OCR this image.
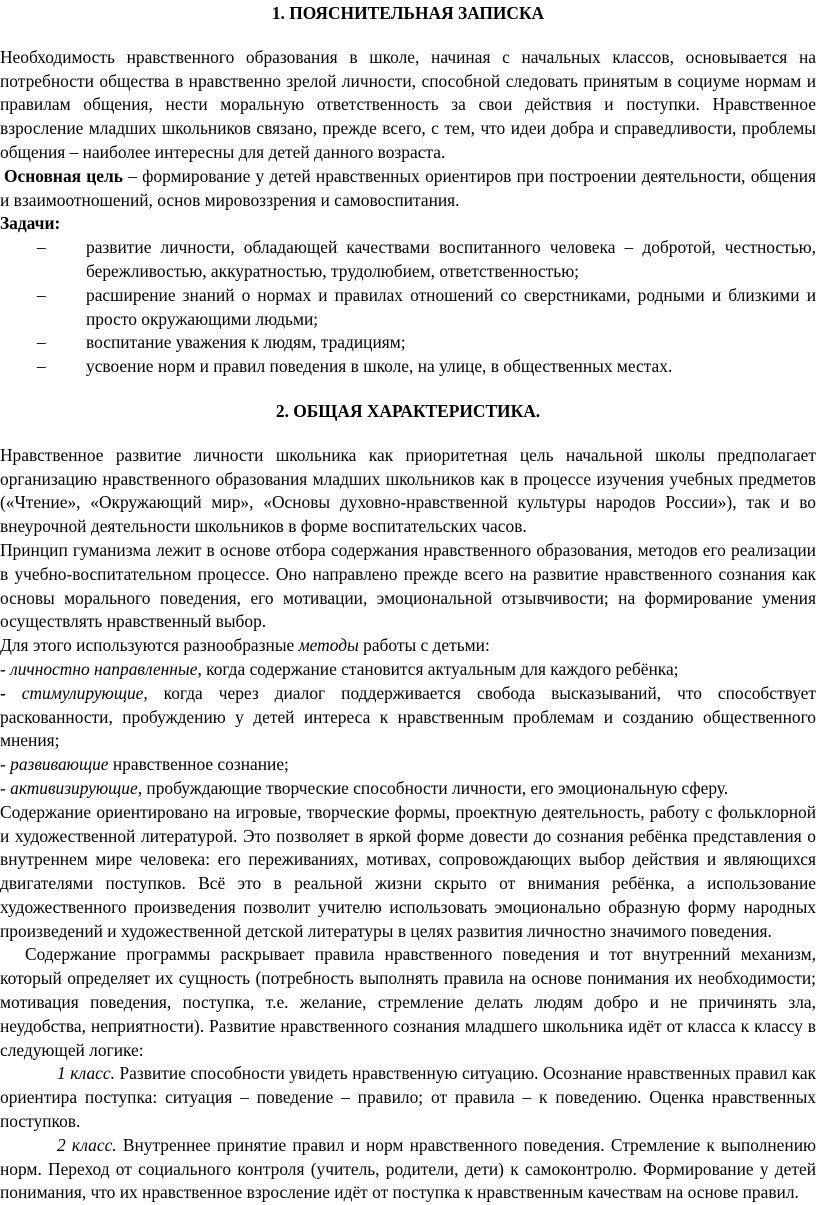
1. ПОЯСНИТЕЛЬНАЯ ЗАПИСКА

Необходимость нравственного образования в школе, начиная с начальных классов, основывается на потребности общества в нравственно зрелой личности, способной следовать принятым в социуме нормам и правилам общения, нести моральную ответственность за свои действия и поступки. Нравственное взросление младших школьников связано, прежде всего, с тем, что идеи добра и справедливости, проблемы общения – наиболее интересны для детей данного возраста.

Основная цель – формирование у детей нравственных ориентиров при построении деятельности, общения и взаимоотношений, основ мировоззрения и самовоспитания.

Задачи:

– развитие личности, обладающей качествами воспитанного человека – добротой, честностью, бережливостью, аккуратностью, трудолюбием, ответственностью;
– расширение знаний о нормах и правилах отношений со сверстниками, родными и близкими и просто окружающими людьми;
– воспитание уважения к людям, традициям;
– усвоение норм и правил поведения в школе, на улице, в общественных местах.
2. ОБЩАЯ ХАРАКТЕРИСТИКА.

Нравственное развитие личности школьника как приоритетная цель начальной школы предполагает организацию нравственного образования младших школьников как в процессе изучения учебных предметов («Чтение», «Окружающий мир», «Основы духовно-нравственной культуры народов России»), так и во внеурочной деятельности школьников в форме воспитательских часов.

Принцип гуманизма лежит в основе отбора содержания нравственного образования, методов его реализации в учебно-воспитательном процессе. Оно направлено прежде всего на развитие нравственного сознания как основы морального поведения, его мотивации, эмоциональной отзывчивости; на формирование умения осуществлять нравственный выбор.

Для этого используются разнообразные методы работы с детьми:

- личностно направленные, когда содержание становится актуальным для каждого ребёнка;

- стимулирующие, когда через диалог поддерживается свобода высказываний, что способствует раскованности, пробуждению у детей интереса к нравственным проблемам и созданию общественного мнения;

- развивающие нравственное сознание;

- активизирующие, пробуждающие творческие способности личности, его эмоциональную сферу.

Содержание ориентировано на игровые, творческие формы, проектную деятельность, работу с фольклорной и художественной литературой. Это позволяет в яркой форме довести до сознания ребёнка представления о внутреннем мире человека: его переживаниях, мотивах, сопровождающих выбор действия и являющихся двигателями поступков. Всё это в реальной жизни скрыто от внимания ребёнка, а использование художественного произведения позволит учителю использовать эмоционально образную форму народных произведений и художественной детской литературы в целях развития личностно значимого поведения.

Содержание программы раскрывает правила нравственного поведения и тот внутренний механизм, который определяет их сущность (потребность выполнять правила на основе понимания их необходимости; мотивация поведения, поступка, т.е. желание, стремление делать людям добро и не причинять зла, неудобства, неприятности). Развитие нравственного сознания младшего школьника идёт от класса к классу в следующей логике:

1 класс. Развитие способности увидеть нравственную ситуацию. Осознание нравственных правил как ориентира поступка: ситуация – поведение – правило; от правила – к поведению. Оценка нравственных поступков.

2 класс. Внутреннее принятие правил и норм нравственного поведения. Стремление к выполнению норм. Переход от социального контроля (учитель, родители, дети) к самоконтролю. Формирование у детей понимания, что их нравственное взросление идёт от поступка к нравственным качествам на основе правил.
